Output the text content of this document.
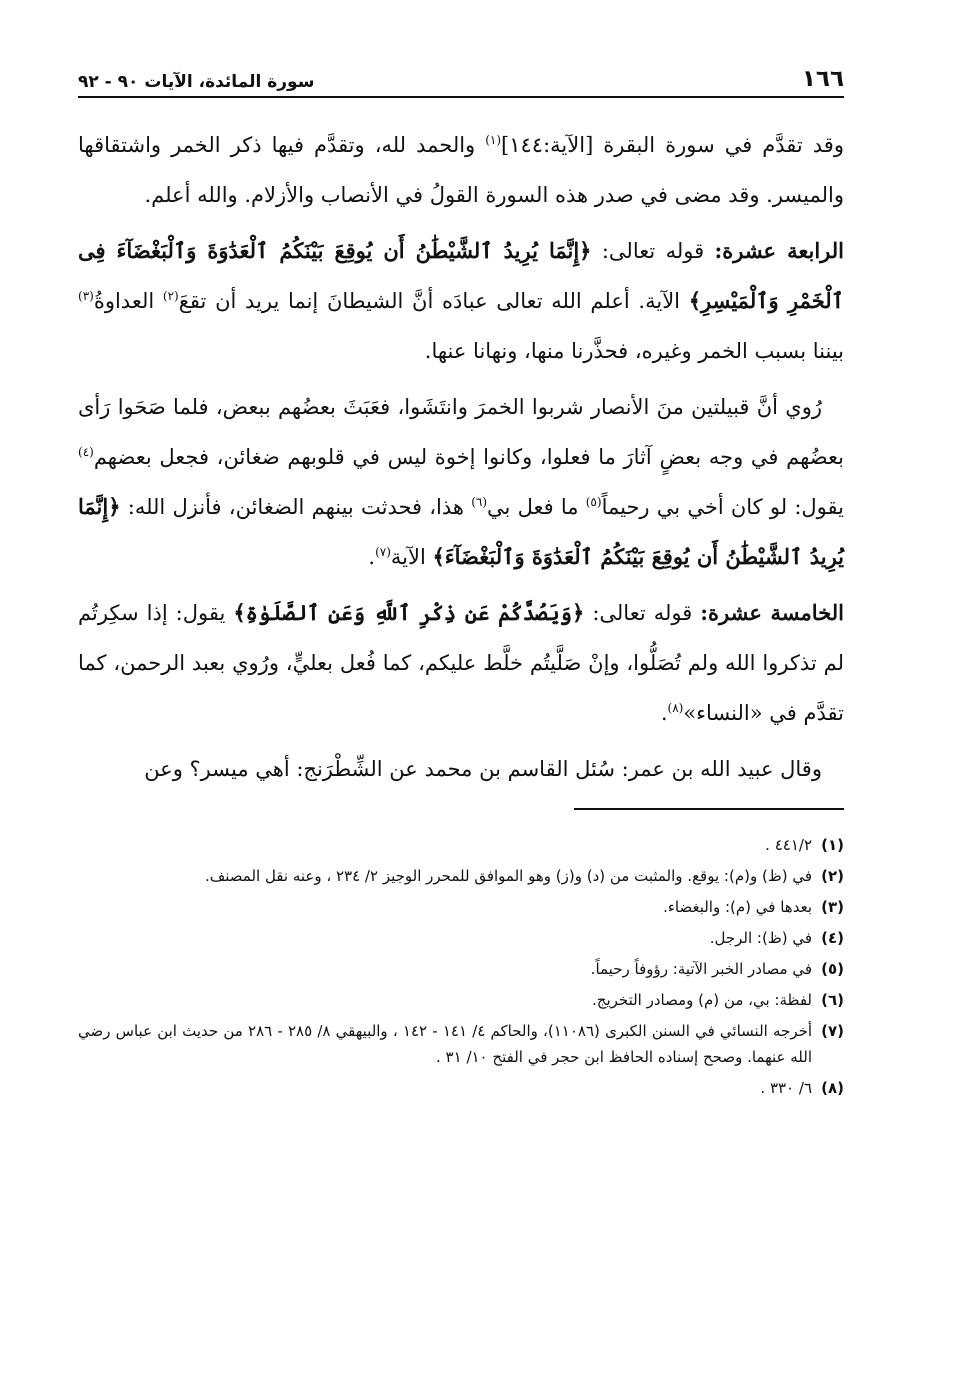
١٦٦
سورة المائدة، الآيات ٩٠ - ٩٢

وقد تقدَّم في سورة البقرة [الآية:١٤٤]$^{(١)}$ والحمد لله، وتقدَّم فيها ذكر الخمر واشتقاقها والميسر. وقد مضى في صدر هذه السورة القولُ في الأنصاب والأزلام. والله أعلم.

الرابعة عشرة: قوله تعالى: ﴿إِنَّمَا يُرِيدُ ٱلشَّيْطَٰنُ أَن يُوقِعَ بَيْنَكُمُ ٱلْعَدَٰوَةَ وَٱلْبَغْضَآءَ فِى ٱلْخَمْرِ وَٱلْمَيْسِرِ﴾ الآية. أعلم الله تعالى عبادَه أنَّ الشيطانَ إنما يريد أن تقعَ$^{(٢)}$ العداوةُ$^{(٣)}$ بيننا بسبب الخمر وغيره، فحذَّرنا منها، ونهانا عنها.

رُوي أنَّ قبيلتين منَ الأنصار شربوا الخمرَ وانتَشَوا، فعَبَثَ بعضُهم ببعض، فلما صَحَوا رَأى بعضُهم في وجه بعضٍ آثارَ ما فعلوا، وكانوا إخوة ليس في قلوبهم ضغائن، فجعل بعضهم$^{(٤)}$ يقول: لو كان أخي بي رحيماً$^{(٥)}$ ما فعل بي$^{(٦)}$ هذا، فحدثت بينهم الضغائن، فأنزل الله: ﴿إِنَّمَا يُرِيدُ ٱلشَّيْطَٰنُ أَن يُوقِعَ بَيْنَكُمُ ٱلْعَدَٰوَةَ وَٱلْبَغْضَآءَ﴾ الآية$^{(٧)}$.

الخامسة عشرة: قوله تعالى: ﴿وَيَصُدَّكُمْ عَن ذِكْرِ ٱللَّهِ وَعَنِ ٱلصَّلَوٰةِ﴾ يقول: إذا سكِرتُم لم تذكروا الله ولم تُصَلُّوا، وإنْ صَلَّيتُم خلَّط عليكم، كما فُعل بعليٍّ، ورُوي بعبد الرحمن، كما تقدَّم في «النساء»$^{(٨)}$.

وقال عبيد الله بن عمر: سُئل القاسم بن محمد عن الشِّطْرَنج: أهي ميسر؟ وعن

(١)
٤٤١/٢ .
(٢)
في (ظ) و(م): يوقع. والمثبت من (د) و(ز) وهو الموافق للمحرر الوجيز ٢/ ٢٣٤ ، وعنه نقل المصنف.
(٣)
بعدها في (م): والبغضاء.
(٤)
في (ظ): الرجل.
(٥)
في مصادر الخبر الآتية: رؤوفاً رحيماً.
(٦)
لفظة: بي، من (م) ومصادر التخريج.
(٧)
أخرجه النسائي في السنن الكبرى (١١٠٨٦)، والحاكم ٤/ ١٤١ - ١٤٢ ، والبيهقي ٨/ ٢٨٥ - ٢٨٦ من حديث ابن عباس رضي الله عنهما. وصحح إسناده الحافظ ابن حجر في الفتح ١٠/ ٣١ .
(٨)
٦/ ٣٣٠ .
